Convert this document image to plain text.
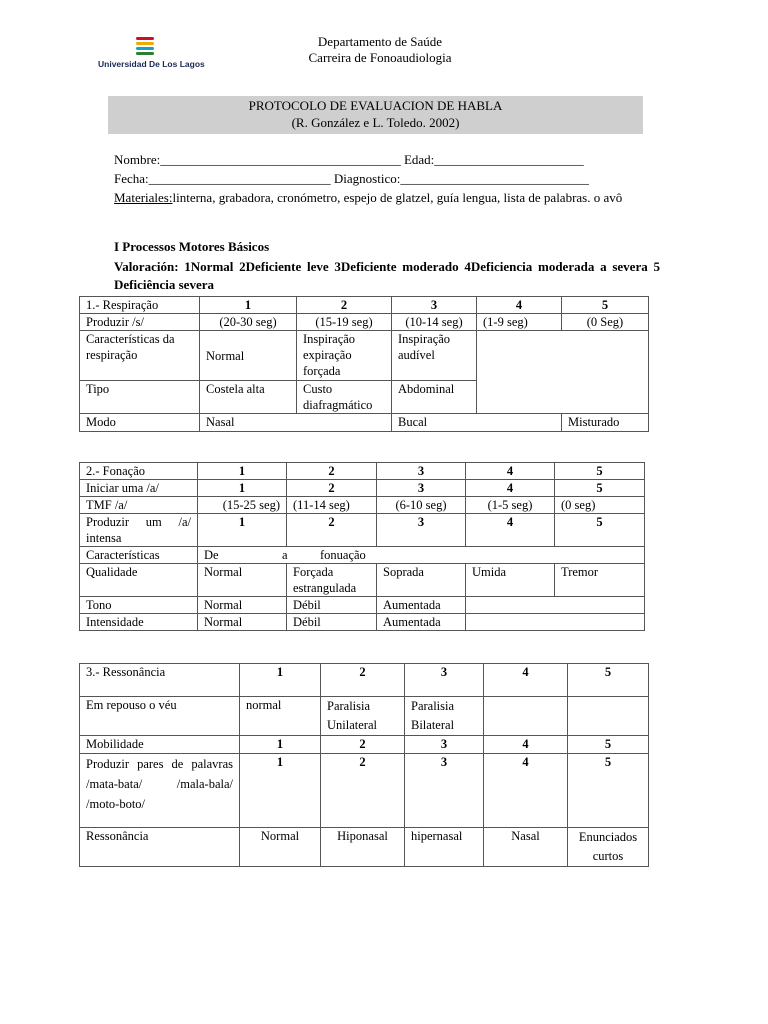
Universidad De Los Lagos
Departamento de Saúde
Carreira de Fonoaudiologia
PROTOCOLO DE EVALUACION DE HABLA
(R. González e L. Toledo. 2002)
Nombre:_____________________________________ Edad:_______________________
Fecha:____________________________ Diagnostico:_____________________________
Materiales:linterna, grabadora, cronómetro, espejo de glatzel, guía lengua, lista de palabras. o avô
I Processos Motores Básicos
Valoración: 1Normal 2Deficiente leve 3Deficiente moderado 4Deficiencia moderada a severa 5 Deficiência severa
1.- Respiração	1	2	3	4	5
Produzir /s/	(20-30 seg)	(15-19 seg)	(10-14 seg)	(1-9 seg)	(0 Seg)
Características da respiração	Normal	Inspiração expiração forçada	Inspiração audível		
Tipo	Costela alta	Custo diafragmático	Abdominal		
Modo	Nasal		Bucal		Misturado
2.- Fonação	1	2	3	4	5
Iniciar uma /a/	1	2	3	4	5
TMF /a/	(15-25 seg)	(11-14 seg)	(6-10 seg)	(1-5 seg)	(0 seg)
Produzir um /a/ intensa	1	2	3	4	5
Características	De a fonuação				
Qualidade	Normal	Forçada estrangulada	Soprada	Umida	Tremor
Tono	Normal	Débil	Aumentada		
Intensidade	Normal	Débil	Aumentada		
3.- Ressonância	1	2	3	4	5
Em repouso o véu	normal	Paralisia Unilateral	Paralisia Bilateral		
Mobilidade	1	2	3	4	5
Produzir pares de palavras /mata-bata/ /mala-bala/ /moto-boto/	1	2	3	4	5
Ressonância	Normal	Hiponasal	hipernasal	Nasal	Enunciados curtos
